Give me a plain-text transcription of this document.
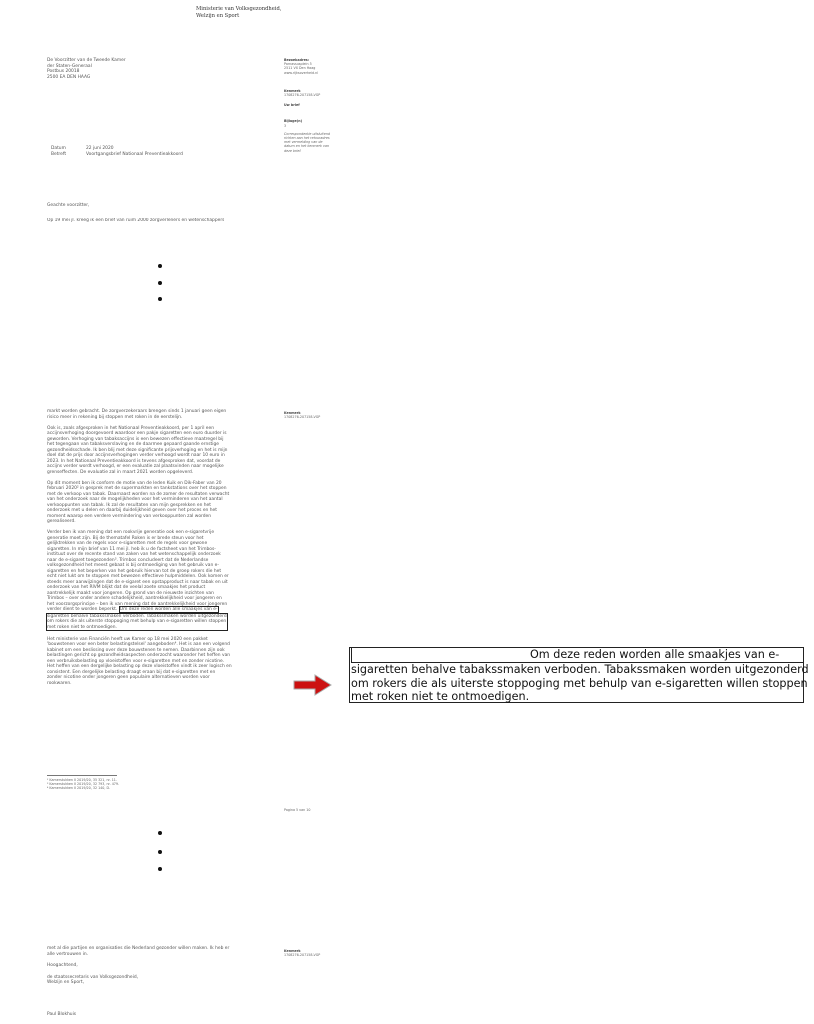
Ministerie van Volksgezondheid,
Welzijn en Sport
De Voorzitter van de Tweede Kamer
der Staten-Generaal
Postbus 20018
2500 EA DEN HAAG
Bezoekadres:
Parnassusplein 5
2511 VX Den Haag
www.rijksoverheid.nl
Kenmerk
1708276-207158-VGP
Uw brief
Bijlage(n)
3
Correspondentie uitsluitend
richten aan het retouradres
met vermelding van de
datum en het kenmerk van
deze brief.
Datum	22 juni 2020
Betreft	Voortgangsbrief Nationaal Preventieakkoord
Geachte voorzitter,
Op 19 mei jl. kreeg ik een brief van ruim 2000 zorgverleners en wetenschappers
Kenmerk
1708276-207158-VGP
markt worden gebracht. De zorgverzekeraars brengen sinds 1 januari geen eigen
risico meer in rekening bij stoppen met roken in de eerstelijn.
Ook is, zoals afgesproken in het Nationaal Preventieakkoord, per 1 april een
accijnsverhoging doorgevoerd waardoor een pakje sigaretten een euro duurder is
geworden. Verhoging van tabaksaccijns is een bewezen effectieve maatregel bij
het tegengaan van tabaksverslaving en de daarmee gepaard gaande ernstige
gezondheidsschade. Ik ben blij met deze significante prijsverhoging en het is mijn
doel dat de prijs door accijnsverhogingen verder verhoogd wordt naar 10 euro in
2023. In het Nationaal Preventieakkoord is tevens afgesproken dat, voordat de
accijns verder wordt verhoogd, er een evaluatie zal plaatsvinden naar mogelijke
grenseffecten. De evaluatie zal in maart 2021 worden opgeleverd.
Op dit moment ben ik conform de motie van de leden Kuik en Dik-Faber van 20
februari 2020² in gesprek met de supermarkten en tankstations over het stoppen
met de verkoop van tabak. Daarnaast worden na de zomer de resultaten verwacht
van het onderzoek naar de mogelijkheden voor het verminderen van het aantal
verkooppunten van tabak. Ik zal de resultaten van mijn gesprekken en het
onderzoek met u delen en daarbij duidelijkheid geven over het proces en het
moment waarop een verdere vermindering van verkooppunten zal worden
gerealiseerd.
Verder ben ik van mening dat een rookvrije generatie ook een e-sigaretvrije
generatie moet zijn. Bij de thematafel Roken is er brede steun voor het
gelijktrekken van de regels voor e-sigaretten met de regels voor gewone
sigaretten. In mijn brief van 11 mei jl. heb ik u de factsheet van het Trimbos-
instituut over de recente stand van zaken van het wetenschappelijk onderzoek
naar de e-sigaret toegezonden³. Trimbos concludeert dat de Nederlandse
volksgezondheid het meest gebaat is bij ontmoediging van het gebruik van e-
sigaretten en het beperken van het gebruik hiervan tot de groep rokers die het
echt niet lukt om te stoppen met bewezen effectieve hulpmiddelen. Ook komen er
steeds meer aanwijzingen dat de e-sigaret een opstapproduct is naar tabak en uit
onderzoek van het RIVM blijkt dat de veelal zoete smaakjes het product
aantrekkelijk maakt voor jongeren. Op grond van de nieuwste inzichten van
Trimbos – over onder andere schadelijkheid, aantrekkelijkheid voor jongeren en
het voorzorgsprincipe – ben ik van mening dat de aantrekkelijkheid voor jongeren
verder dient te worden beperkt. Om deze reden worden alle smaakjes van e-
sigaretten behalve tabakssmaken verboden. Tabakssmaken worden uitgezonderd
om rokers die als uiterste stoppoging met behulp van e-sigaretten willen stoppen
met roken niet te ontmoedigen.
Het ministerie van Financiën heeft uw Kamer op 18 mei 2020 een pakket
'bouwstenen voor een beter belastingstelsel' aangeboden⁴. Het is aan een volgend
kabinet om een beslissing over deze bouwstenen te nemen. Daarbinnen zijn ook
belastingen gericht op gezondheidsaspecten onderzocht waaronder het heffen van
een verbruiksbelasting op vloeistoffen voor e-sigaretten met en zonder nicotine.
Het heffen van een dergelijke belasting op deze vloeistoffen vindt ik zeer logisch en
consistent. Een dergelijke belasting draagt eraan bij dat e-sigaretten met en
zonder nicotine onder jongeren geen populaire alternatieven worden voor
rookwaren.
² Kamerstukken II 2019/20, 35 321, nr. 11.
³ Kamerstukken II 2019/20, 32 793, nr. 479.
⁴ Kamerstukken II 2019/20, 32 140, D.
Pagina 5 van 10
Om deze reden worden alle smaakjes van e-
sigaretten behalve tabakssmaken verboden. Tabakssmaken worden uitgezonderd
om rokers die als uiterste stoppoging met behulp van e-sigaretten willen stoppen
met roken niet te ontmoedigen.
Kenmerk
1708276-207158-VGP
met al die partijen en organisaties die Nederland gezonder willen maken. Ik heb er
alle vertrouwen in.
Hoogachtend,
de staatssecretaris van Volksgezondheid,
Welzijn en Sport,
Paul Blokhuis
